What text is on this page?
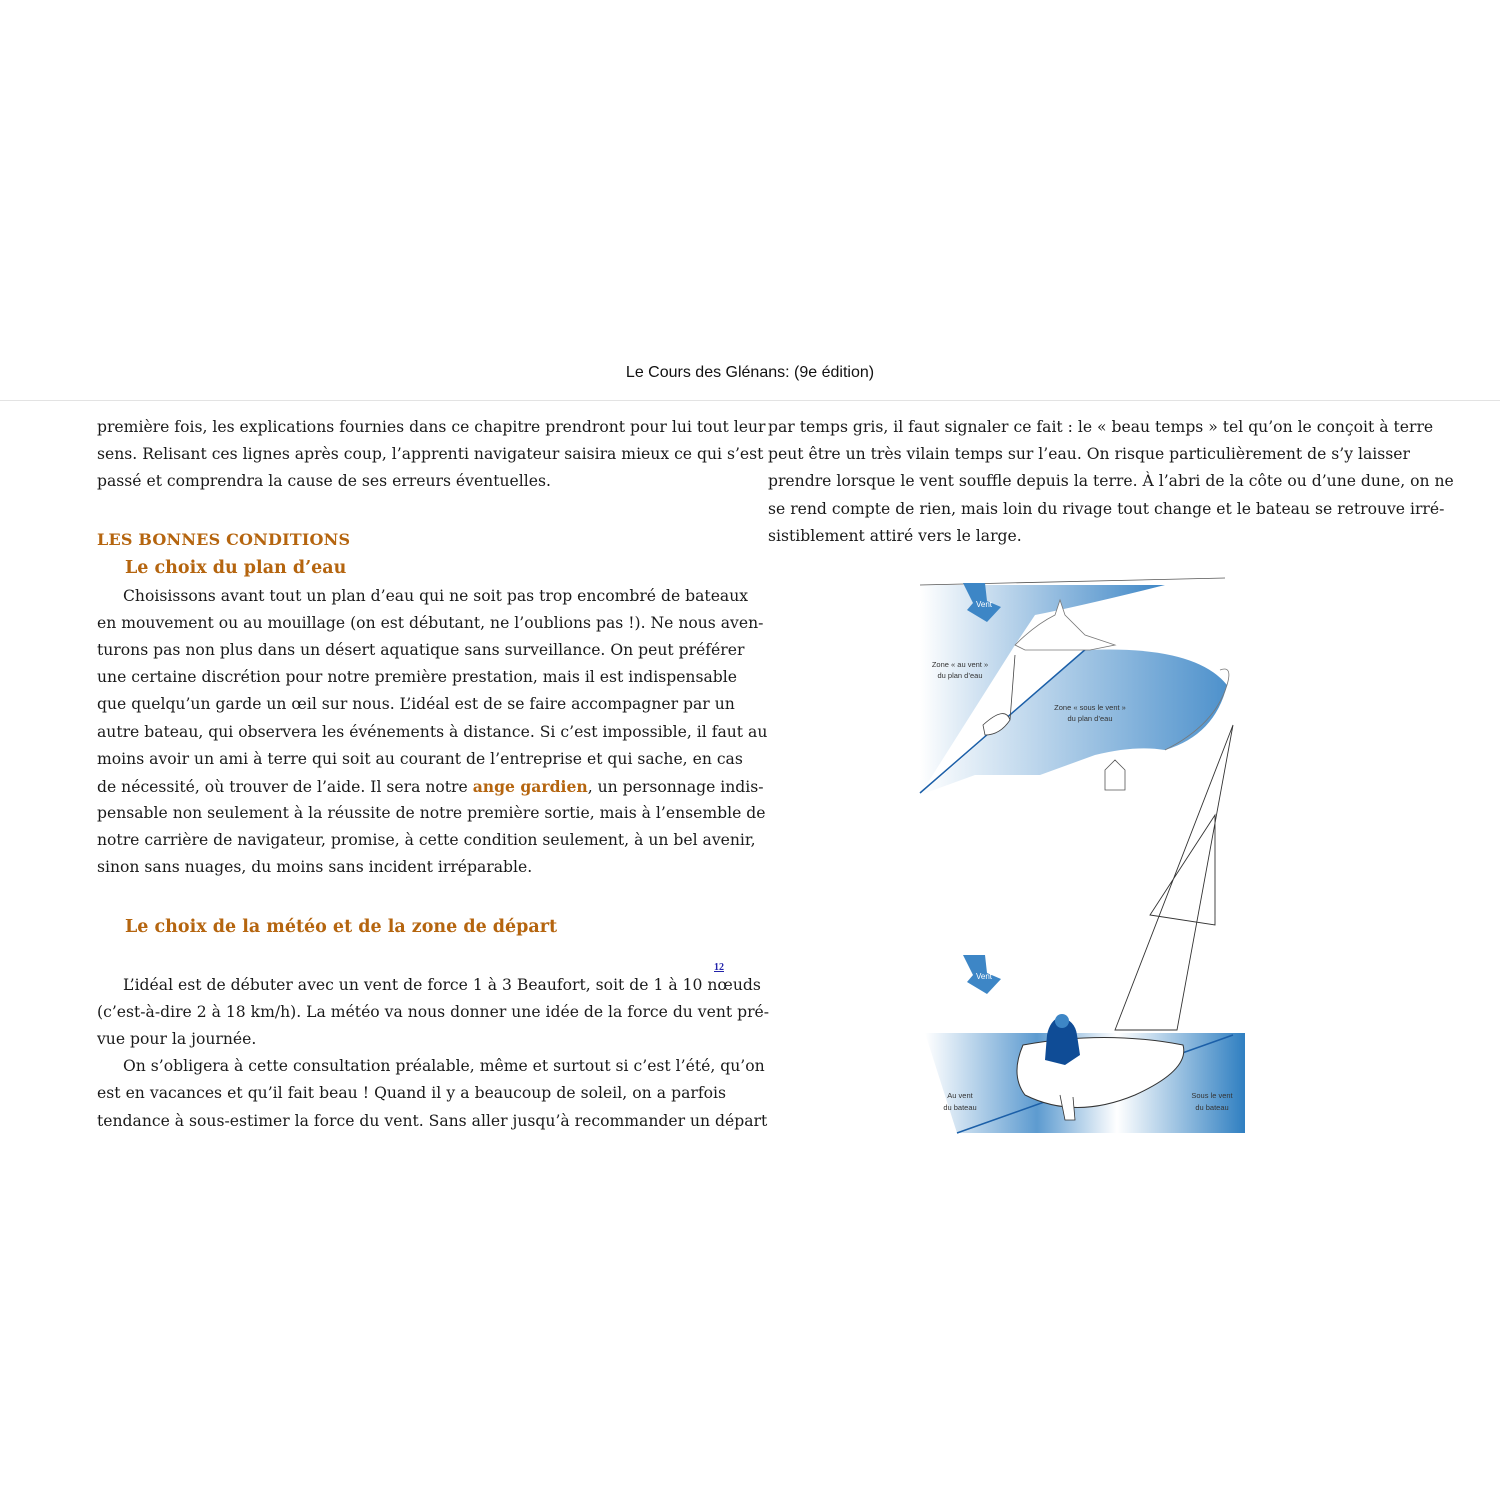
Le Cours des Glénans: (9e édition)
première fois, les explications fournies dans ce chapitre prendront pour lui tout leur
sens. Relisant ces lignes après coup, l’apprenti navigateur saisira mieux ce qui s’est
passé et comprendra la cause de ses erreurs éventuelles.
LES BONNES CONDITIONS
Le choix du plan d’eau
Choisissons avant tout un plan d’eau qui ne soit pas trop encombré de bateaux
en mouvement ou au mouillage (on est débutant, ne l’oublions pas !). Ne nous aven-
turons pas non plus dans un désert aquatique sans surveillance. On peut préférer
une certaine discrétion pour notre première prestation, mais il est indispensable
que quelqu’un garde un œil sur nous. L’idéal est de se faire accompagner par un
autre bateau, qui observera les événements à distance. Si c’est impossible, il faut au
moins avoir un ami à terre qui soit au courant de l’entreprise et qui sache, en cas
de nécessité, où trouver de l’aide. Il sera notre ange gardien, un personnage indis-
pensable non seulement à la réussite de notre première sortie, mais à l’ensemble de
notre carrière de navigateur, promise, à cette condition seulement, à un bel avenir,
sinon sans nuages, du moins sans incident irréparable.
Le choix de la météo et de la zone de départ
L’idéal est de débuter avec un vent de force 1 à 3 Beaufort, soit de 1 à 10 nœuds
(c’est-à-dire 2 à 18 km/h). La météo va nous donner une idée de la force du vent pré-
vue pour la journée.
On s’obligera à cette consultation préalable, même et surtout si c’est l’été, qu’on
est en vacances et qu’il fait beau ! Quand il y a beaucoup de soleil, on a parfois
tendance à sous-estimer la force du vent. Sans aller jusqu’à recommander un départ
par temps gris, il faut signaler ce fait : le « beau temps » tel qu’on le conçoit à terre
peut être un très vilain temps sur l’eau. On risque particulièrement de s’y laisser
prendre lorsque le vent souffle depuis la terre. À l’abri de la côte ou d’une dune, on ne
se rend compte de rien, mais loin du rivage tout change et le bateau se retrouve irré-
sistiblement attiré vers le large.
12
Vent
Zone « au vent »
du plan d’eau
Zone « sous le vent »
du plan d’eau
Vent
Au vent
du bateau
Sous le vent
du bateau
